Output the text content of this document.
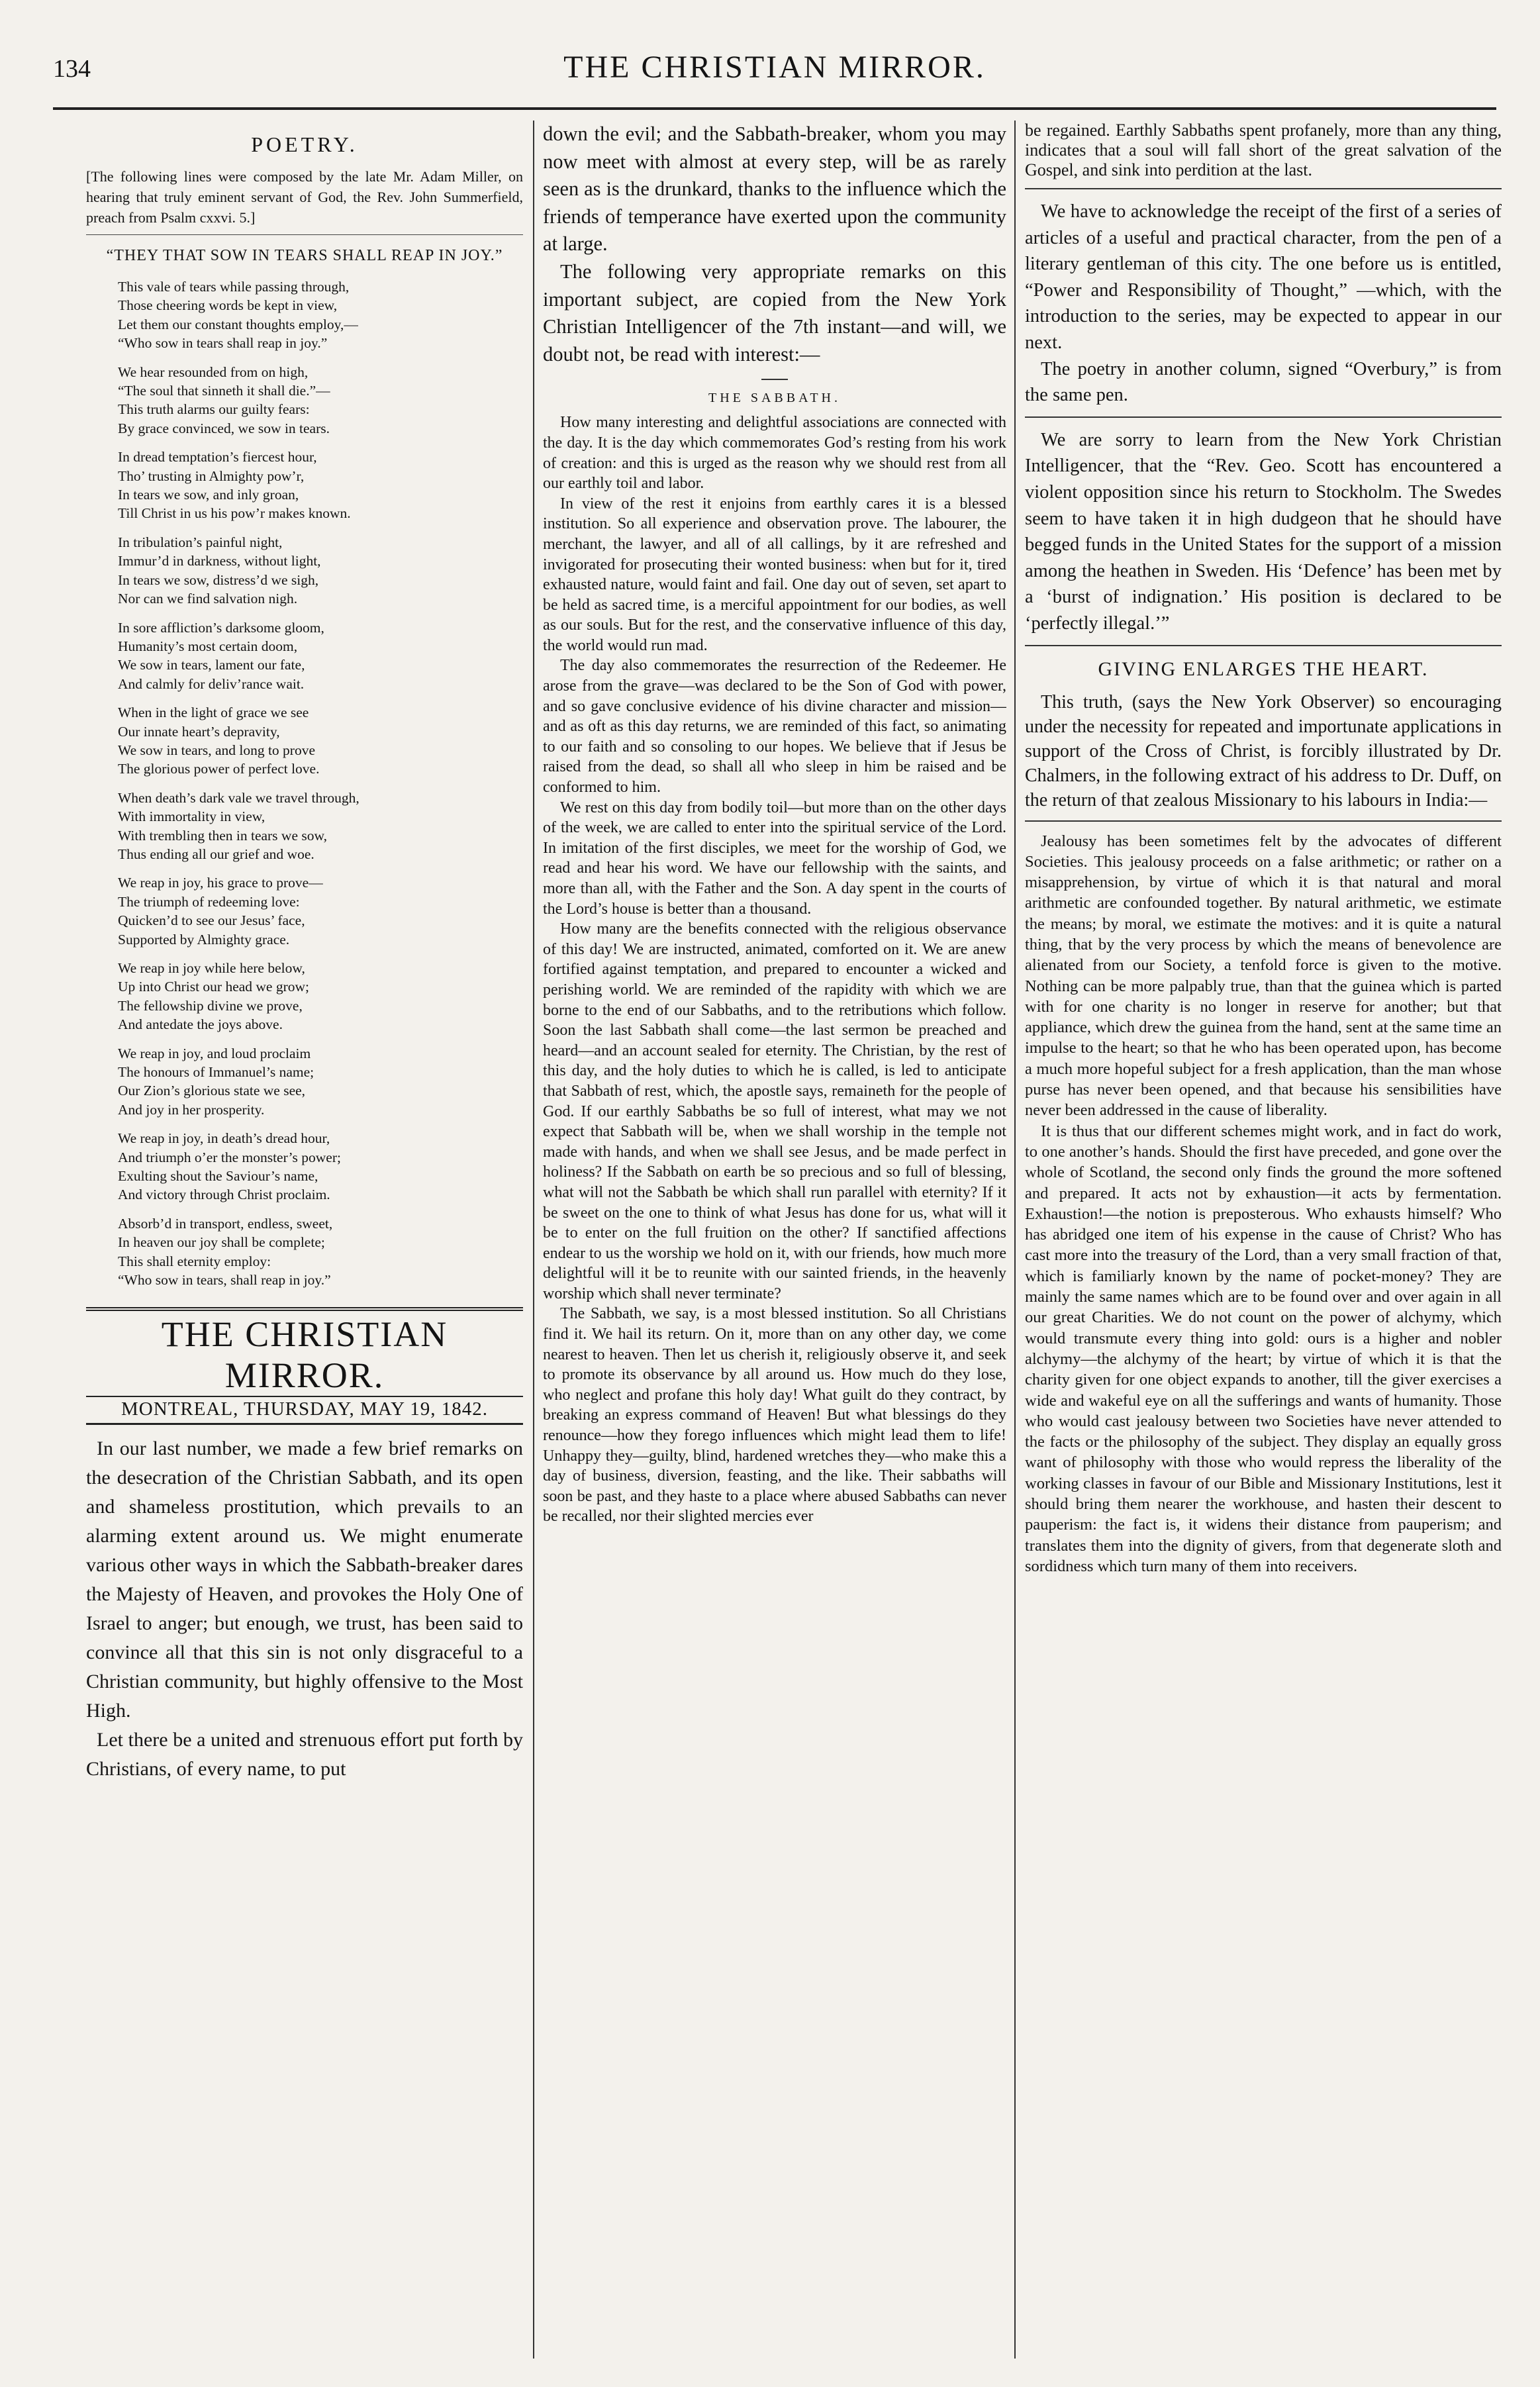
134	THE CHRISTIAN MIRROR.
POETRY.

[The following lines were composed by the late Mr. Adam Miller, on hearing that truly eminent servant of God, the Rev. John Summerfield, preach from Psalm cxxvi. 5.]

“THEY THAT SOW IN TEARS SHALL REAP IN JOY.”
This vale of tears while passing through,
Those cheering words be kept in view,
Let them our constant thoughts employ,—
“Who sow in tears shall reap in joy.”
We hear resounded from on high,
“The soul that sinneth it shall die.”—
This truth alarms our guilty fears:
By grace convinced, we sow in tears.
In dread temptation’s fiercest hour,
Tho’ trusting in Almighty pow’r,
In tears we sow, and inly groan,
Till Christ in us his pow’r makes known.
In tribulation’s painful night,
Immur’d in darkness, without light,
In tears we sow, distress’d we sigh,
Nor can we find salvation nigh.
In sore affliction’s darksome gloom,
Humanity’s most certain doom,
We sow in tears, lament our fate,
And calmly for deliv’rance wait.
When in the light of grace we see
Our innate heart’s depravity,
We sow in tears, and long to prove
The glorious power of perfect love.
When death’s dark vale we travel through,
With immortality in view,
With trembling then in tears we sow,
Thus ending all our grief and woe.
We reap in joy, his grace to prove—
The triumph of redeeming love:
Quicken’d to see our Jesus’ face,
Supported by Almighty grace.
We reap in joy while here below,
Up into Christ our head we grow;
The fellowship divine we prove,
And antedate the joys above.
We reap in joy, and loud proclaim
The honours of Immanuel’s name;
Our Zion’s glorious state we see,
And joy in her prosperity.
We reap in joy, in death’s dread hour,
And triumph o’er the monster’s power;
Exulting shout the Saviour’s name,
And victory through Christ proclaim.
Absorb’d in transport, endless, sweet,
In heaven our joy shall be complete;
This shall eternity employ:
“Who sow in tears, shall reap in joy.”
THE CHRISTIAN MIRROR.
MONTREAL, THURSDAY, MAY 19, 1842.

In our last number, we made a few brief remarks on the desecration of the Christian Sabbath, and its open and shameless prostitution, which prevails to an alarming extent around us. We might enumerate various other ways in which the Sabbath-breaker dares the Majesty of Heaven, and provokes the Holy One of Israel to anger; but enough, we trust, has been said to convince all that this sin is not only disgraceful to a Christian community, but highly offensive to the Most High.

Let there be a united and strenuous effort put forth by Christians, of every name, to put

down the evil; and the Sabbath-breaker, whom you may now meet with almost at every step, will be as rarely seen as is the drunkard, thanks to the influence which the friends of temperance have exerted upon the community at large.

The following very appropriate remarks on this important subject, are copied from the New York Christian Intelligencer of the 7th instant—and will, we doubt not, be read with interest:—

THE SABBATH.

How many interesting and delightful associations are connected with the day. It is the day which commemorates God’s resting from his work of creation: and this is urged as the reason why we should rest from all our earthly toil and labor.

In view of the rest it enjoins from earthly cares it is a blessed institution. So all experience and observation prove. The labourer, the merchant, the lawyer, and all of all callings, by it are refreshed and invigorated for prosecuting their wonted business: when but for it, tired exhausted nature, would faint and fail. One day out of seven, set apart to be held as sacred time, is a merciful appointment for our bodies, as well as our souls. But for the rest, and the conservative influence of this day, the world would run mad.

The day also commemorates the resurrection of the Redeemer. He arose from the grave—was declared to be the Son of God with power, and so gave conclusive evidence of his divine character and mission—and as oft as this day returns, we are reminded of this fact, so animating to our faith and so consoling to our hopes. We believe that if Jesus be raised from the dead, so shall all who sleep in him be raised and be conformed to him.

We rest on this day from bodily toil—but more than on the other days of the week, we are called to enter into the spiritual service of the Lord. In imitation of the first disciples, we meet for the worship of God, we read and hear his word. We have our fellowship with the saints, and more than all, with the Father and the Son. A day spent in the courts of the Lord’s house is better than a thousand.

How many are the benefits connected with the religious observance of this day! We are instructed, animated, comforted on it. We are anew fortified against temptation, and prepared to encounter a wicked and perishing world. We are reminded of the rapidity with which we are borne to the end of our Sabbaths, and to the retributions which follow. Soon the last Sabbath shall come—the last sermon be preached and heard—and an account sealed for eternity. The Christian, by the rest of this day, and the holy duties to which he is called, is led to anticipate that Sabbath of rest, which, the apostle says, remaineth for the people of God. If our earthly Sabbaths be so full of interest, what may we not expect that Sabbath will be, when we shall worship in the temple not made with hands, and when we shall see Jesus, and be made perfect in holiness? If the Sabbath on earth be so precious and so full of blessing, what will not the Sabbath be which shall run parallel with eternity? If it be sweet on the one to think of what Jesus has done for us, what will it be to enter on the full fruition on the other? If sanctified affections endear to us the worship we hold on it, with our friends, how much more delightful will it be to reunite with our sainted friends, in the heavenly worship which shall never terminate?

The Sabbath, we say, is a most blessed institution. So all Christians find it. We hail its return. On it, more than on any other day, we come nearest to heaven. Then let us cherish it, religiously observe it, and seek to promote its observance by all around us. How much do they lose, who neglect and profane this holy day! What guilt do they contract, by breaking an express command of Heaven! But what blessings do they renounce—how they forego influences which might lead them to life! Unhappy they—guilty, blind, hardened wretches they—who make this a day of business, diversion, feasting, and the like. Their sabbaths will soon be past, and they haste to a place where abused Sabbaths can never be recalled, nor their slighted mercies ever

be regained. Earthly Sabbaths spent profanely, more than any thing, indicates that a soul will fall short of the great salvation of the Gospel, and sink into perdition at the last.

We have to acknowledge the receipt of the first of a series of articles of a useful and practical character, from the pen of a literary gentleman of this city. The one before us is entitled, “Power and Responsibility of Thought,” —which, with the introduction to the series, may be expected to appear in our next.

The poetry in another column, signed “Overbury,” is from the same pen.

We are sorry to learn from the New York Christian Intelligencer, that the “Rev. Geo. Scott has encountered a violent opposition since his return to Stockholm. The Swedes seem to have taken it in high dudgeon that he should have begged funds in the United States for the support of a mission among the heathen in Sweden. His ‘Defence’ has been met by a ‘burst of indignation.’ His position is declared to be ‘perfectly illegal.’”

GIVING ENLARGES THE HEART.

This truth, (says the New York Observer) so encouraging under the necessity for repeated and importunate applications in support of the Cross of Christ, is forcibly illustrated by Dr. Chalmers, in the following extract of his address to Dr. Duff, on the return of that zealous Missionary to his labours in India:—

Jealousy has been sometimes felt by the advocates of different Societies. This jealousy proceeds on a false arithmetic; or rather on a misapprehension, by virtue of which it is that natural and moral arithmetic are confounded together. By natural arithmetic, we estimate the means; by moral, we estimate the motives: and it is quite a natural thing, that by the very process by which the means of benevolence are alienated from our Society, a tenfold force is given to the motive. Nothing can be more palpably true, than that the guinea which is parted with for one charity is no longer in reserve for another; but that appliance, which drew the guinea from the hand, sent at the same time an impulse to the heart; so that he who has been operated upon, has become a much more hopeful subject for a fresh application, than the man whose purse has never been opened, and that because his sensibilities have never been addressed in the cause of liberality.

It is thus that our different schemes might work, and in fact do work, to one another’s hands. Should the first have preceded, and gone over the whole of Scotland, the second only finds the ground the more softened and prepared. It acts not by exhaustion—it acts by fermentation. Exhaustion!—the notion is preposterous. Who exhausts himself? Who has abridged one item of his expense in the cause of Christ? Who has cast more into the treasury of the Lord, than a very small fraction of that, which is familiarly known by the name of pocket-money? They are mainly the same names which are to be found over and over again in all our great Charities. We do not count on the power of alchymy, which would transmute every thing into gold: ours is a higher and nobler alchymy—the alchymy of the heart; by virtue of which it is that the charity given for one object expands to another, till the giver exercises a wide and wakeful eye on all the sufferings and wants of humanity. Those who would cast jealousy between two Societies have never attended to the facts or the philosophy of the subject. They display an equally gross want of philosophy with those who would repress the liberality of the working classes in favour of our Bible and Missionary Institutions, lest it should bring them nearer the workhouse, and hasten their descent to pauperism: the fact is, it widens their distance from pauperism; and translates them into the dignity of givers, from that degenerate sloth and sordidness which turn many of them into receivers.
